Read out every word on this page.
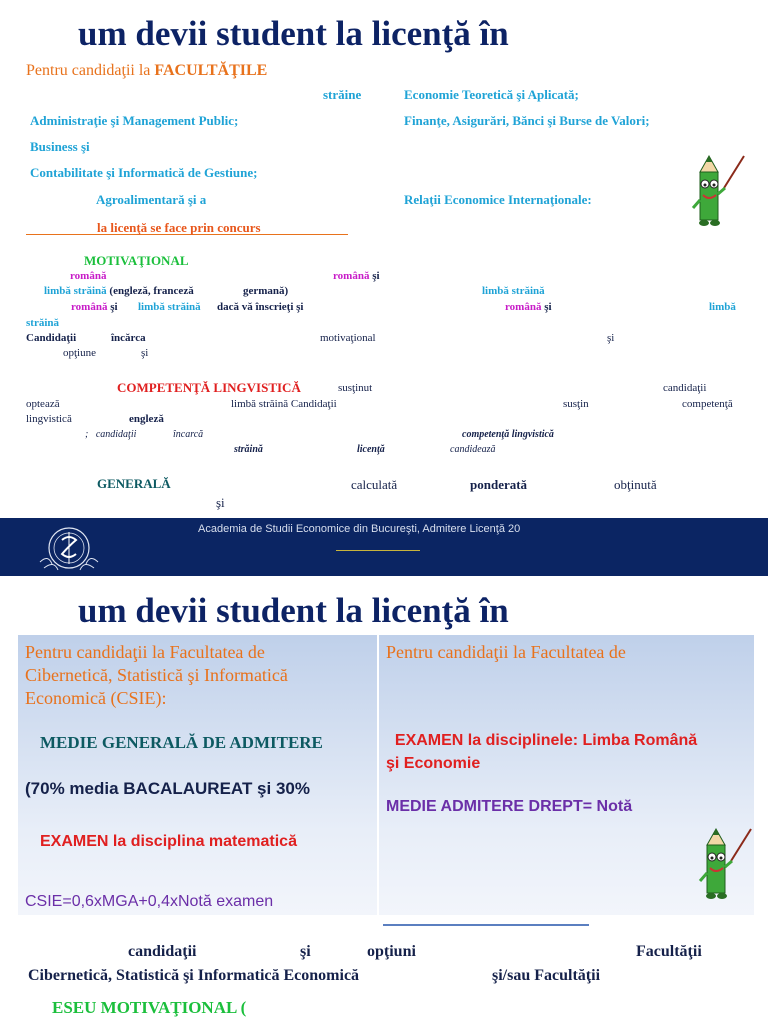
um devii student la licenţă în
Pentru candidaţii la FACULTĂŢILE
străine	Economie Teoretică şi Aplicată;
Administraţie şi Management Public;	Finanţe, Asigurări, Bănci şi Burse de Valori;
Business şi
Contabilitate şi Informatică de Gestiune;
Agroalimentară şi a	Relaţii Economice Internaţionale:
la licenţă se face prin concurs
MOTIVAŢIONAL
română	română şi
limbă străină (engleză, franceză	germană)	limbă străină
română şi limbă străină dacă vă înscrieţi şi	română şi	limbă
străină
Candidaţii	încărca	motivaţional	şi
opţiune	şi
COMPETENŢĂ LINGVISTICĂ	susţinut	candidaţii
optează	limbă străină Candidaţii	susţin	competenţă
lingvistică	engleză
;   candidaţii	încarcă	competenţă lingvistică
străină	licenţă	candidează
GENERALĂ	calculată	ponderată	obţinută
şi
Academia de Studii Economice din Bucureşti, Admitere Licenţă 20
um devii student la licenţă în
Pentru candidaţii la Facultatea de
Cibernetică, Statistică şi Informatică
Economică (CSIE):
MEDIE GENERALĂ DE ADMITERE
(70% media BACALAUREAT şi 30%
EXAMEN la disciplina matematică
CSIE=0,6xMGA+0,4xNotă examen
Pentru candidaţii la Facultatea de
EXAMEN la disciplinele: Limba Română
şi Economie
MEDIE ADMITERE DREPT= Notă
candidaţii	şi	opţiuni	Facultăţii
Cibernetică, Statistică şi Informatică Economică	şi/sau Facultăţii
ESEU MOTIVAŢIONAL (
